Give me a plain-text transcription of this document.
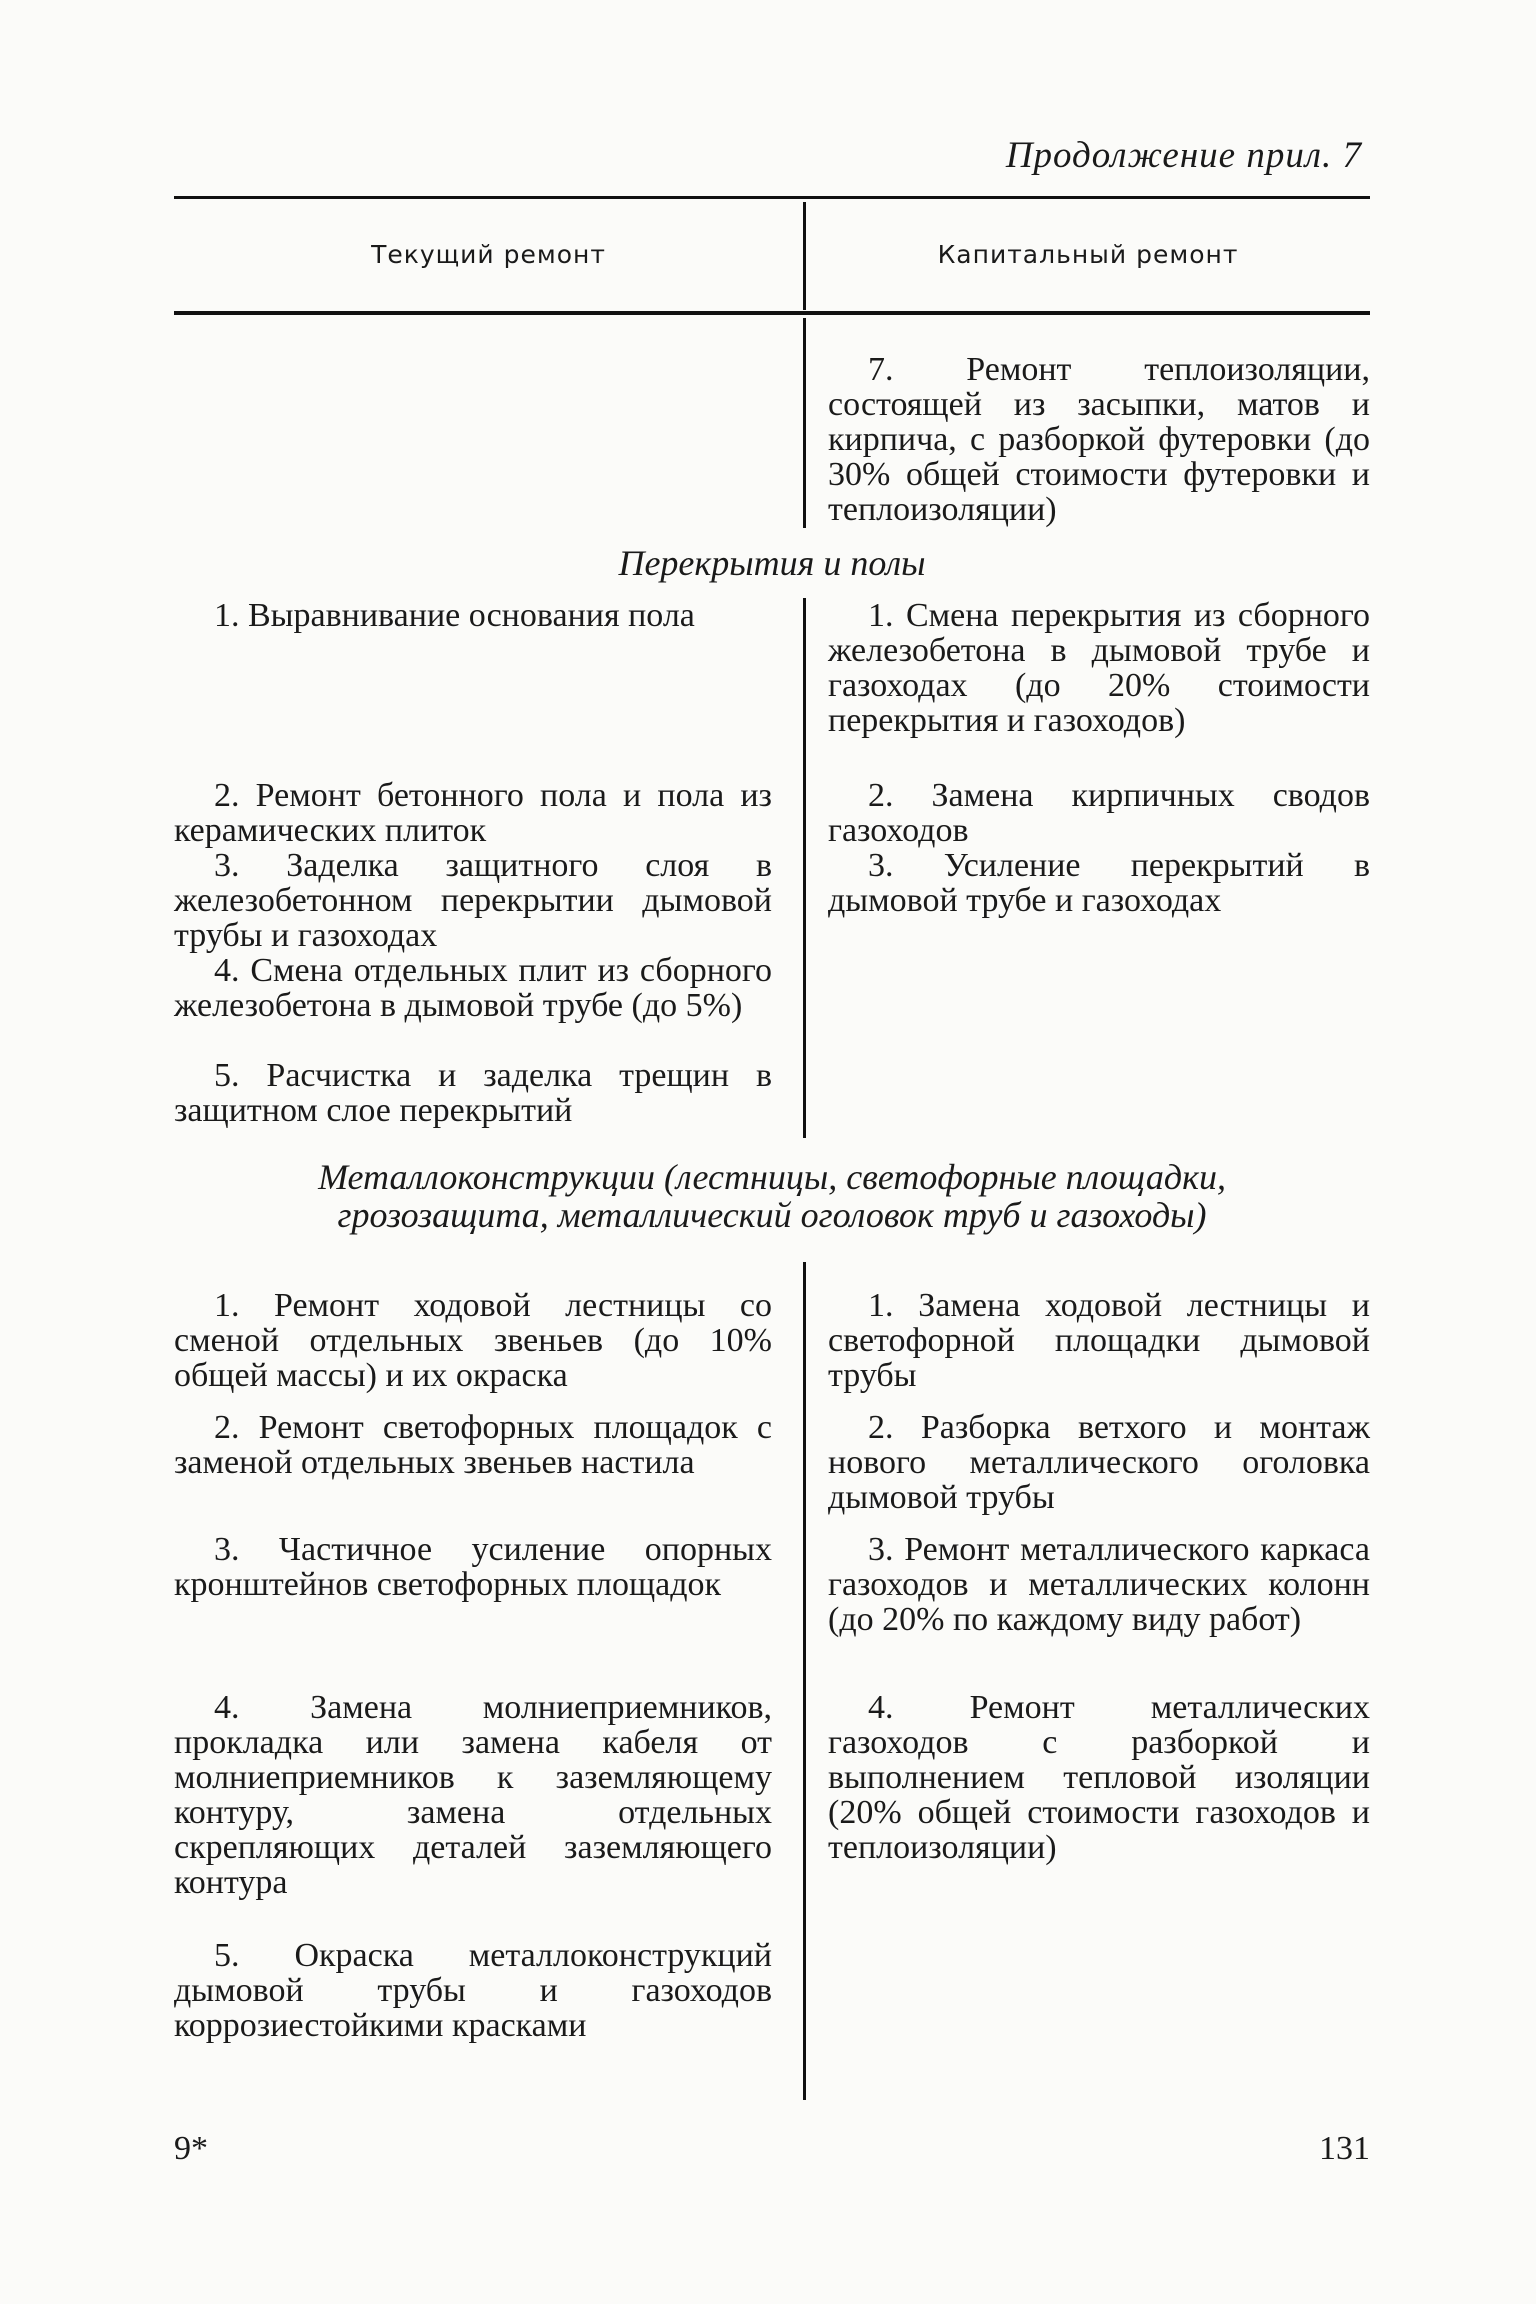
Продолжение прил. 7
Текущий ремонт	Капитальный ремонт
7. Ремонт теплоизоляции, состоящей из засыпки, матов и кирпича, с разборкой футеровки (до 30% общей стоимости футеровки и теплоизоляции)
Перекрытия и полы
1. Выравнивание основания пола
2. Ремонт бетонного пола и пола из керамических плиток
3. Заделка защитного слоя в железобетонном перекрытии дымовой трубы и газоходах
4. Смена отдельных плит из сборного железобетона в дымовой трубе (до 5%)
5. Расчистка и заделка трещин в защитном слое перекрытий
1. Смена перекрытия из сборного железобетона в дымовой трубе и газоходах (до 20% стоимости перекрытия и газоходов)
2. Замена кирпичных сводов газоходов
3. Усиление перекрытий в дымовой трубе и газоходах
Металлоконструкции (лестницы, светофорные площадки,
грозозащита, металлический оголовок труб и газоходы)
1. Ремонт ходовой лестницы со сменой отдельных звеньев (до 10% общей массы) и их окраска
2. Ремонт светофорных площадок с заменой отдельных звеньев настила
3. Частичное усиление опорных кронштейнов светофорных площадок
4. Замена молниеприемников, прокладка или замена кабеля от молниеприемников к заземляющему контуру, замена отдельных скрепляющих деталей заземляющего контура
5. Окраска металлоконструкций дымовой трубы и газоходов коррозиестойкими красками
1. Замена ходовой лестницы и светофорной площадки дымовой трубы
2. Разборка ветхого и монтаж нового металлического оголовка дымовой трубы
3. Ремонт металлического каркаса газоходов и металлических колонн (до 20% по каждому виду работ)
4. Ремонт металлических газоходов с разборкой и выполнением тепловой изоляции (20% общей стоимости газоходов и теплоизоляции)
9*	131
